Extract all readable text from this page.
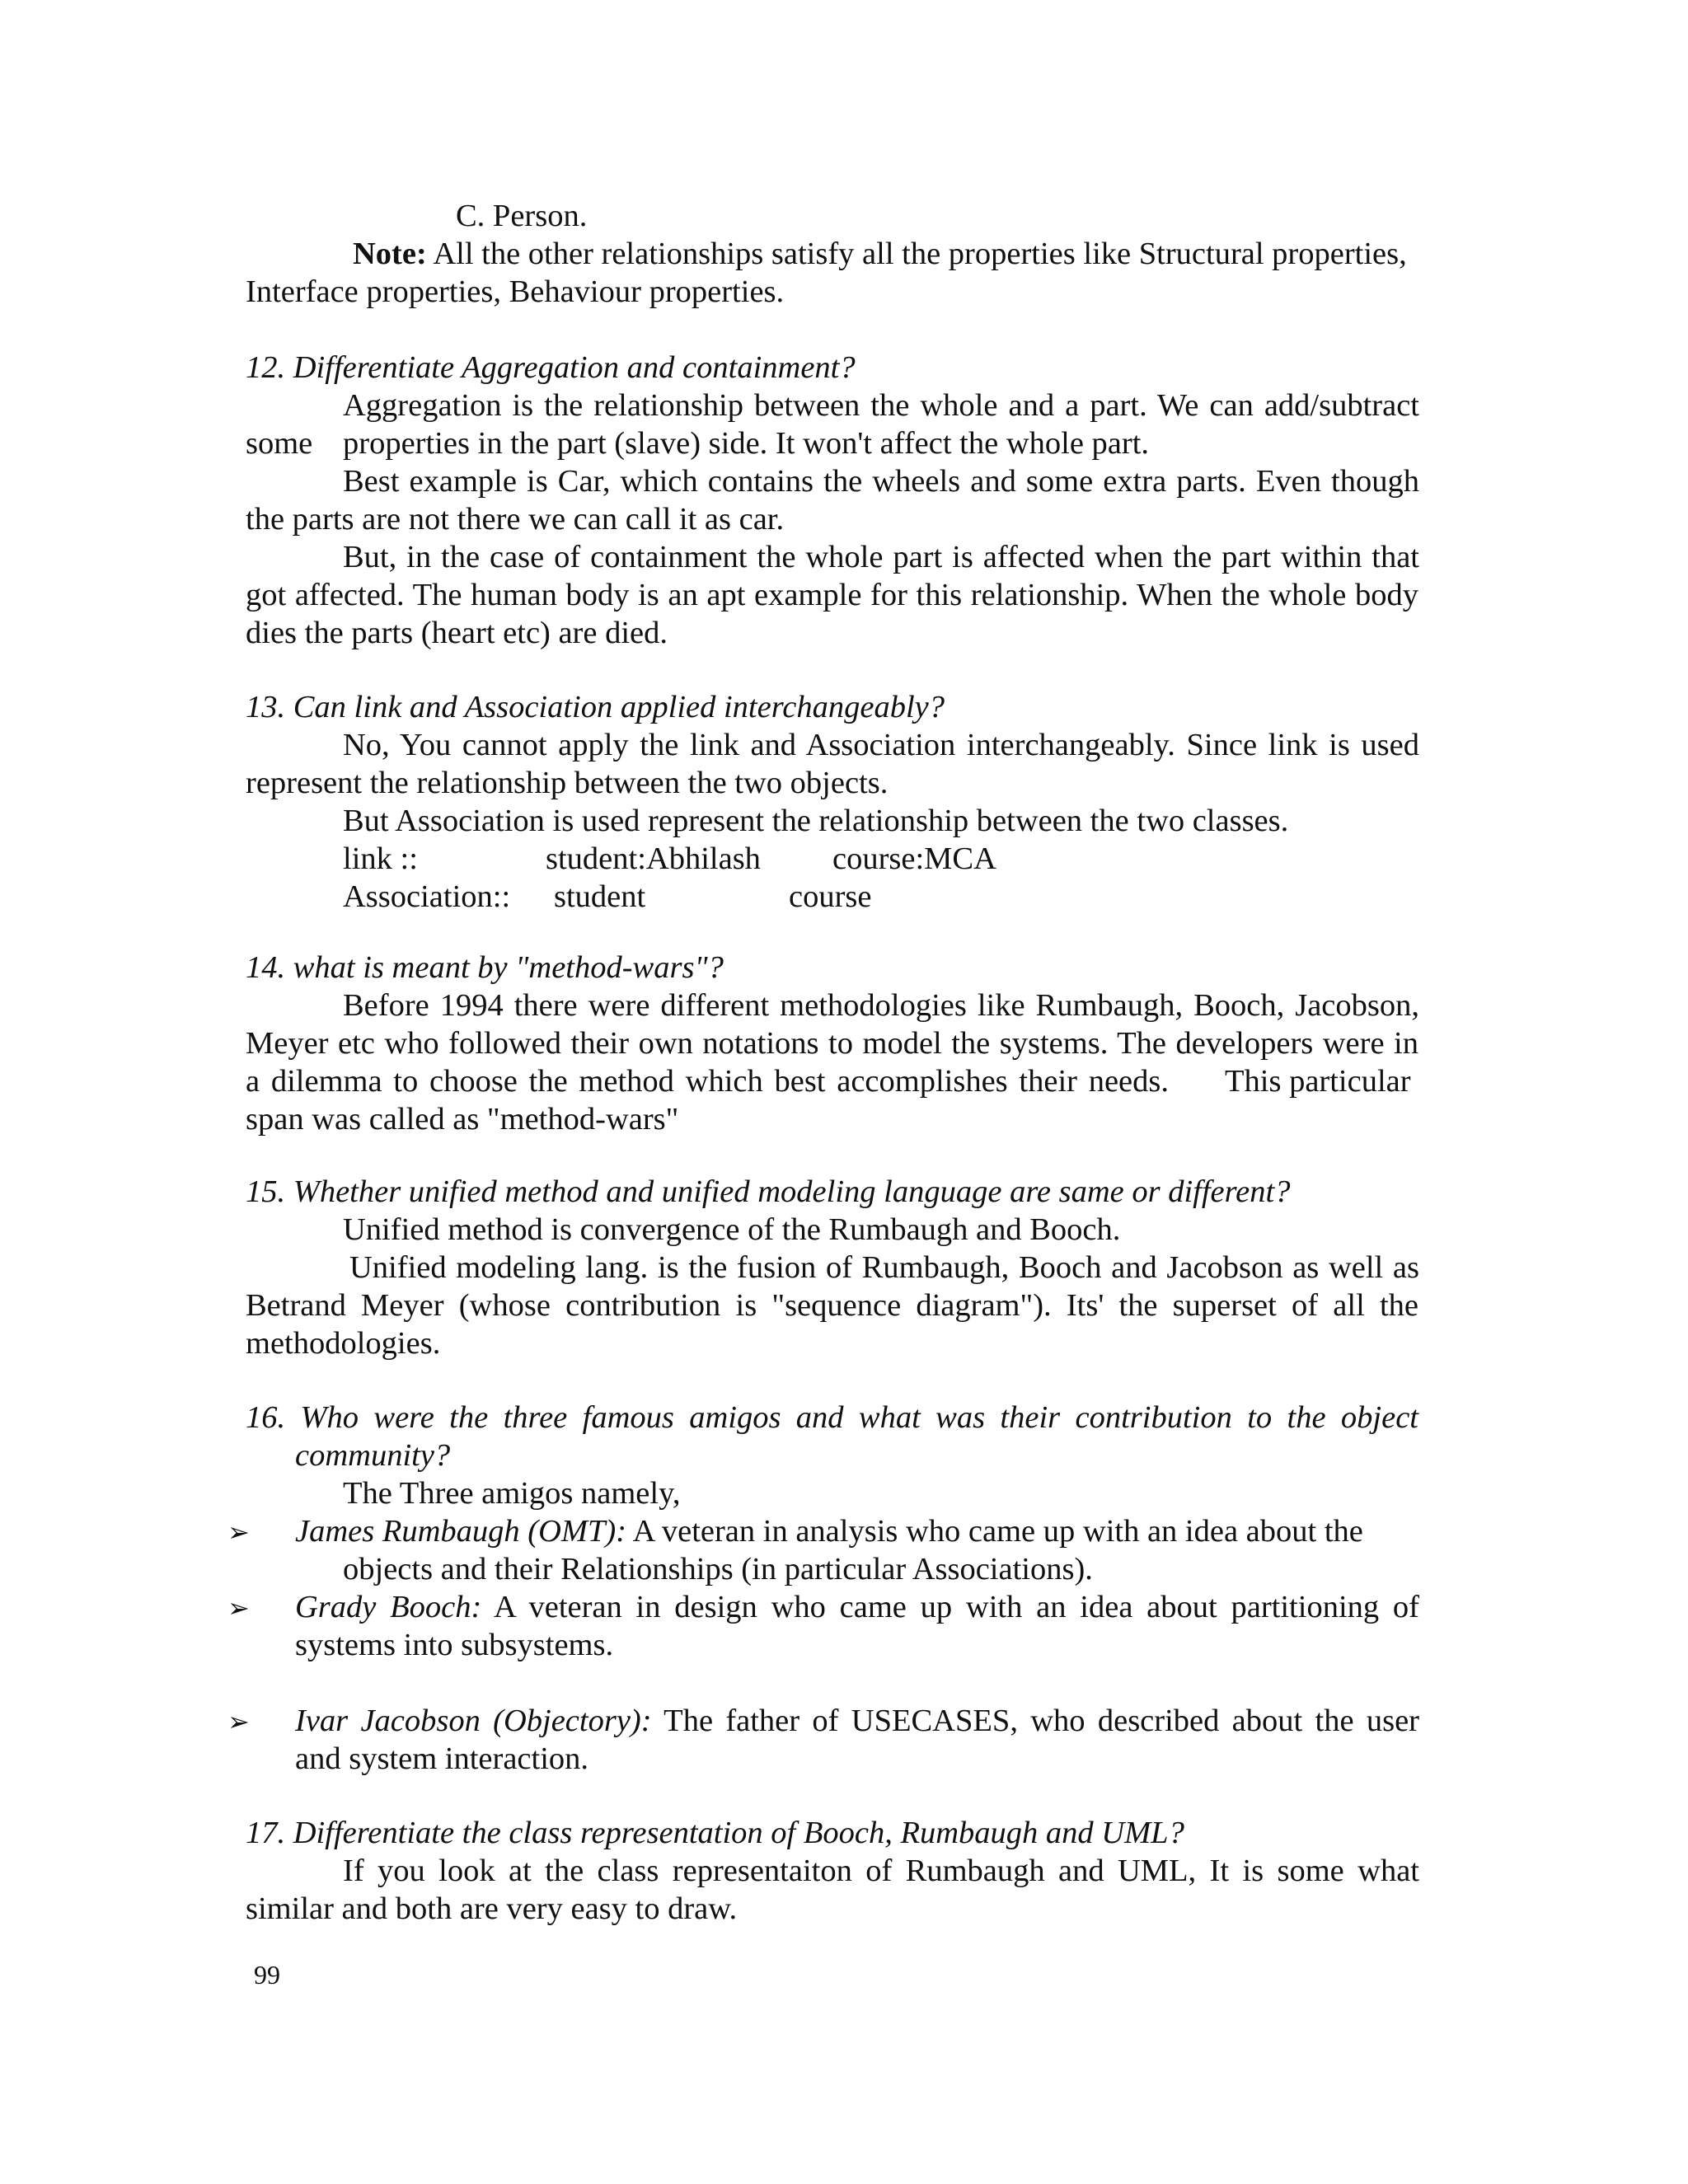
C. Person.
Note: All the other relationships satisfy all the properties like Structural properties,
Interface properties, Behaviour properties.
12. Differentiate Aggregation and containment?
Aggregation is the relationship between the whole and a part. We can add/subtract
some properties in the part (slave) side. It won't affect the whole part.
Best example is Car, which contains the wheels and some extra parts. Even though
the parts are not there we can call it as car.
But, in the case of containment the whole part is affected when the part within that
got affected. The human body is an apt example for this relationship. When the whole body
dies the parts (heart etc) are died.
13. Can link and Association applied interchangeably?
No, You cannot apply the link and Association interchangeably. Since link is used
represent the relationship between the two objects.
But Association is used represent the relationship between the two classes.
link ::	student:Abhilash course:MCA
Association:: student	course
14. what is meant by "method-wars"?
Before 1994 there were different methodologies like Rumbaugh, Booch, Jacobson,
Meyer etc who followed their own notations to model the systems. The developers were in
a dilemma to choose the method which best accomplishes their needs. This particular
span was called as "method-wars"
15. Whether unified method and unified modeling language are same or different?
Unified method is convergence of the Rumbaugh and Booch.
Unified modeling lang. is the fusion of Rumbaugh, Booch and Jacobson as well as
Betrand Meyer (whose contribution is "sequence diagram"). Its' the superset of all the
methodologies.
16. Who were the three famous amigos and what was their contribution to the object
community?
The Three amigos namely,
➢ James Rumbaugh (OMT): A veteran in analysis who came up with an idea about the
objects and their Relationships (in particular Associations).
➢ Grady Booch: A veteran in design who came up with an idea about partitioning of
systems into subsystems.
➢ Ivar Jacobson (Objectory): The father of USECASES, who described about the user
and system interaction.
17. Differentiate the class representation of Booch, Rumbaugh and UML?
If you look at the class representaiton of Rumbaugh and UML, It is some what
similar and both are very easy to draw.
99
